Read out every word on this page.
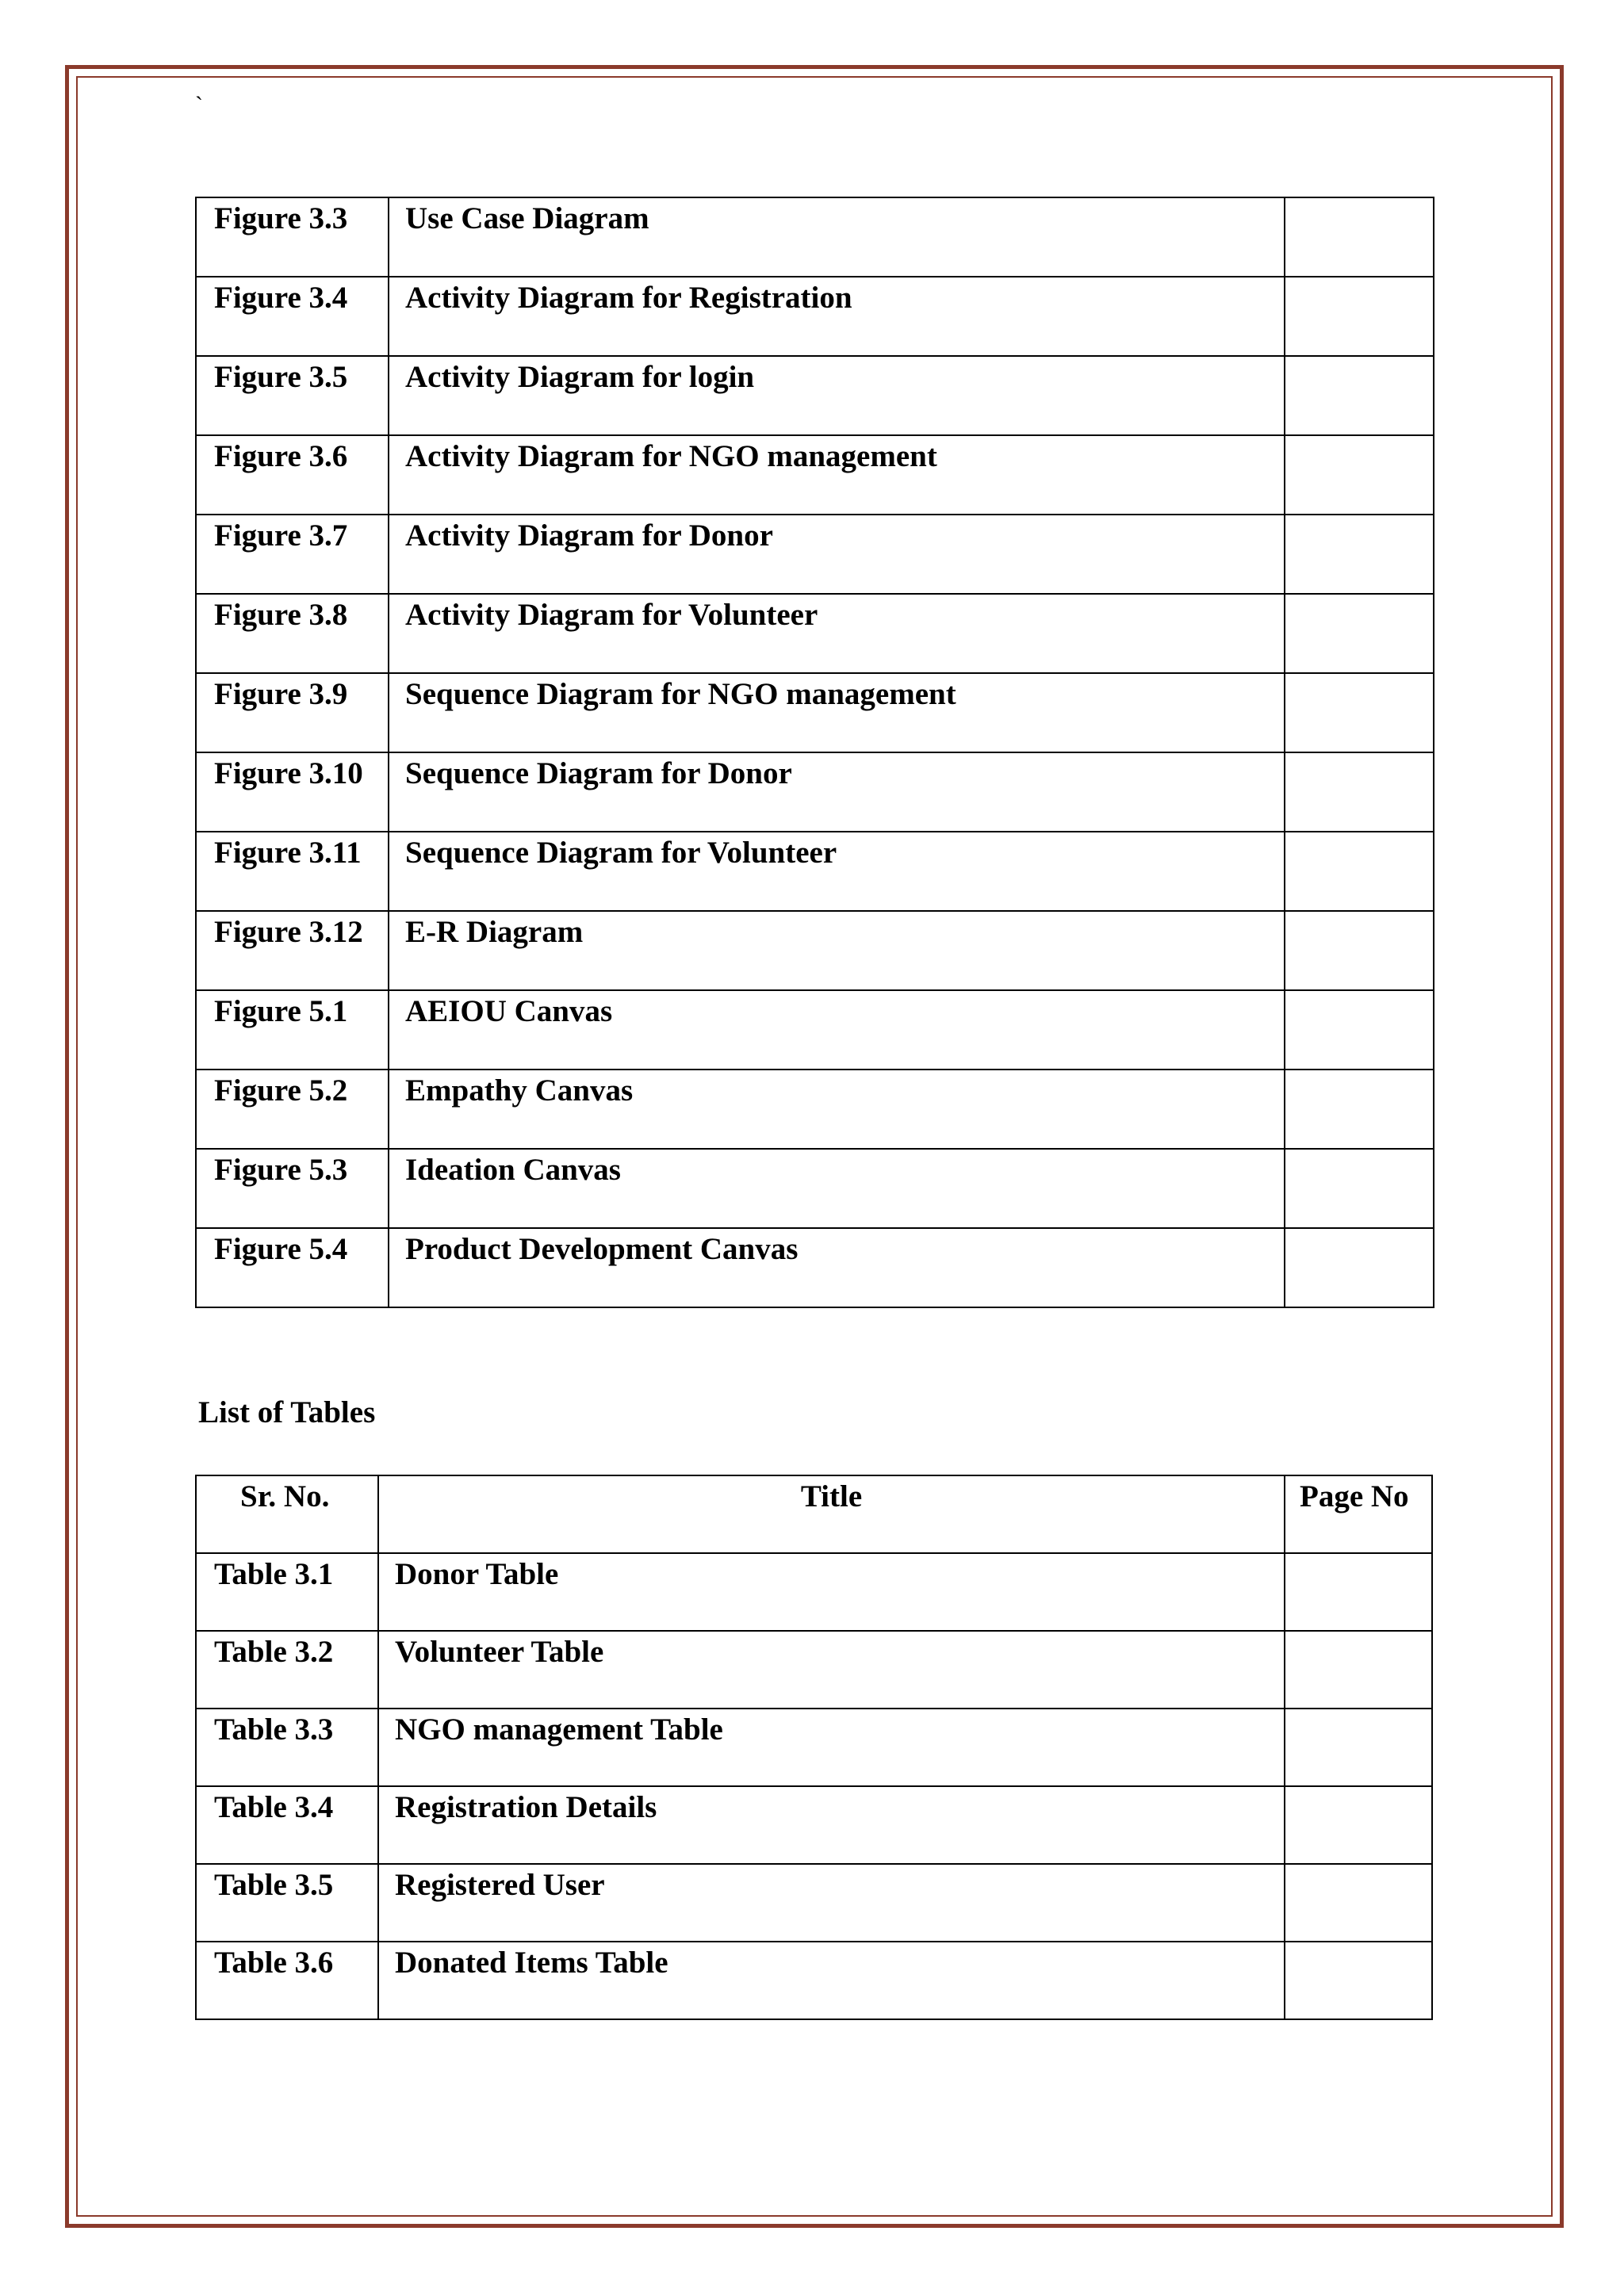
`
Figure 3.3	Use Case Diagram	
Figure 3.4	Activity Diagram for Registration	
Figure 3.5	Activity Diagram for login	
Figure 3.6	Activity Diagram for NGO management	
Figure 3.7	Activity Diagram for Donor	
Figure 3.8	Activity Diagram for Volunteer	
Figure 3.9	Sequence Diagram for NGO management	
Figure 3.10	Sequence Diagram for Donor	
Figure 3.11	Sequence Diagram for Volunteer	
Figure 3.12	E-R Diagram	
Figure 5.1	AEIOU Canvas	
Figure 5.2	Empathy Canvas	
Figure 5.3	Ideation Canvas	
Figure 5.4	Product Development Canvas	
List of Tables
Sr. No.	Title	Page No
Table 3.1	Donor Table	
Table 3.2	Volunteer Table	
Table 3.3	NGO management Table	
Table 3.4	Registration Details	
Table 3.5	Registered User	
Table 3.6	Donated Items Table	
